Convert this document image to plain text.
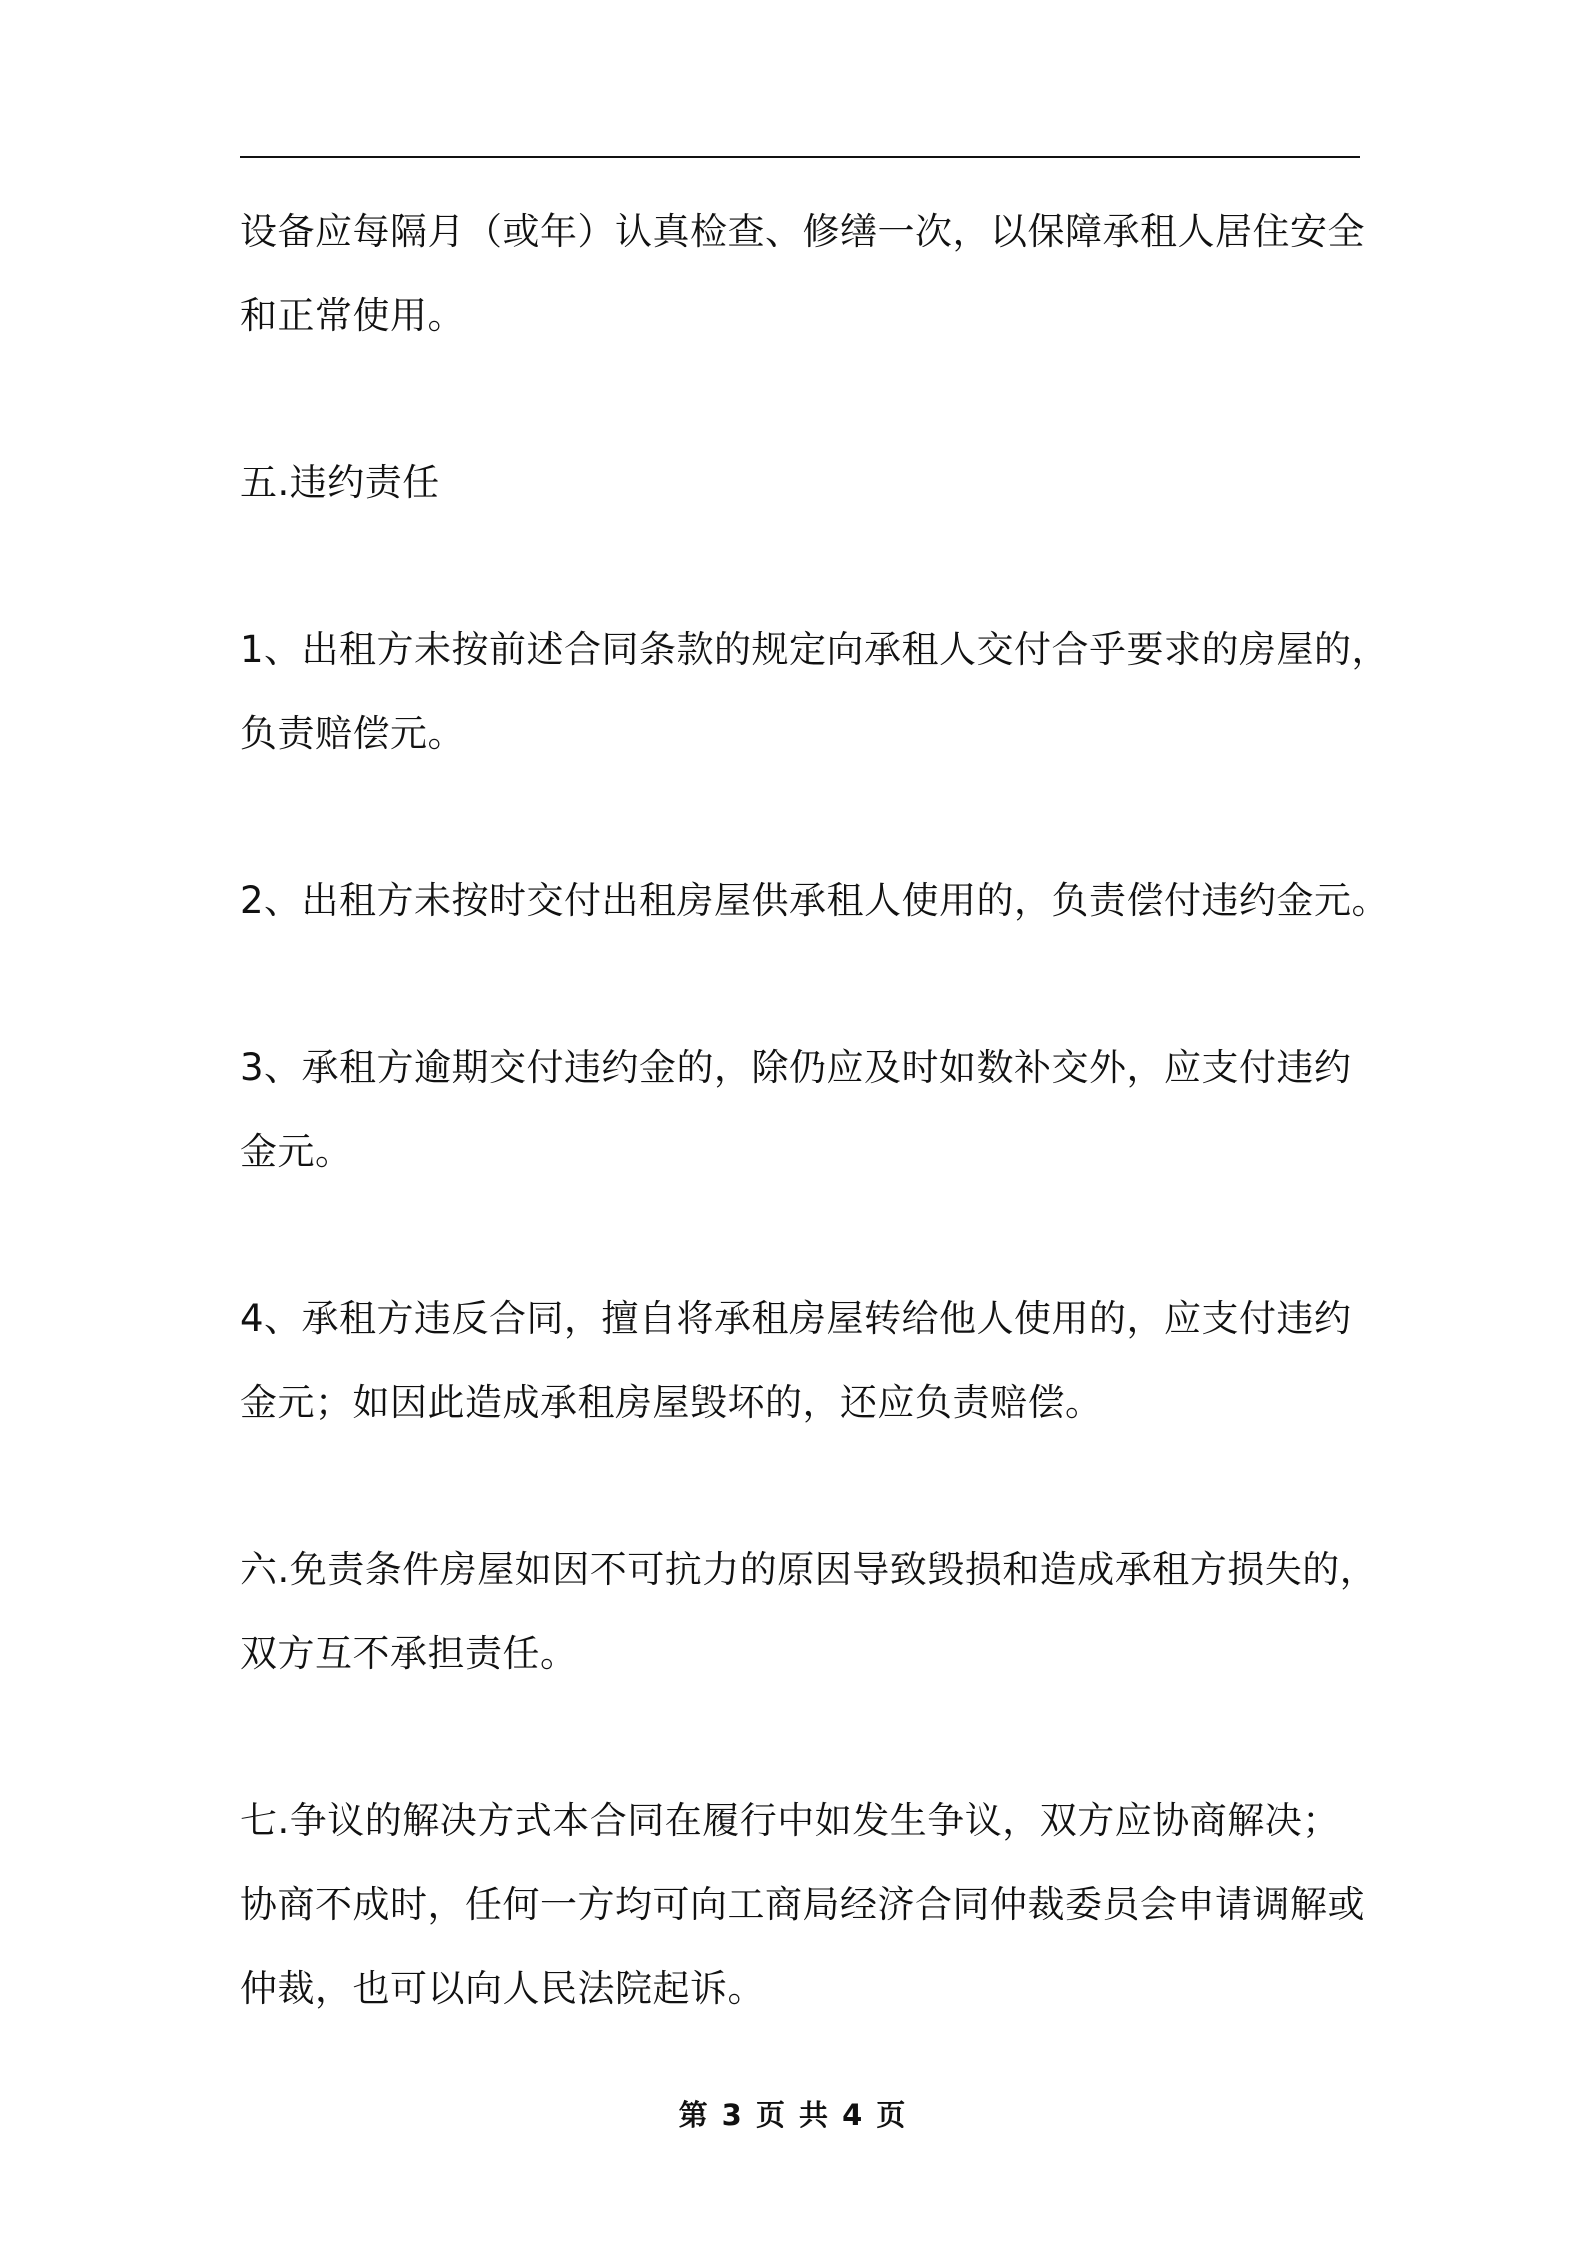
设备应每隔月（或年）认真检查、修缮一次，以保障承租人居住安全
和正常使用。

五.违约责任

1、出租方未按前述合同条款的规定向承租人交付合乎要求的房屋的，
负责赔偿元。

2、出租方未按时交付出租房屋供承租人使用的，负责偿付违约金元。

3、承租方逾期交付违约金的，除仍应及时如数补交外，应支付违约
金元。

4、承租方违反合同，擅自将承租房屋转给他人使用的，应支付违约
金元；如因此造成承租房屋毁坏的，还应负责赔偿。

六.免责条件房屋如因不可抗力的原因导致毁损和造成承租方损失的，
双方互不承担责任。

七.争议的解决方式本合同在履行中如发生争议，双方应协商解决；
协商不成时，任何一方均可向工商局经济合同仲裁委员会申请调解或
仲裁，也可以向人民法院起诉。

第 3 页 共 4 页
